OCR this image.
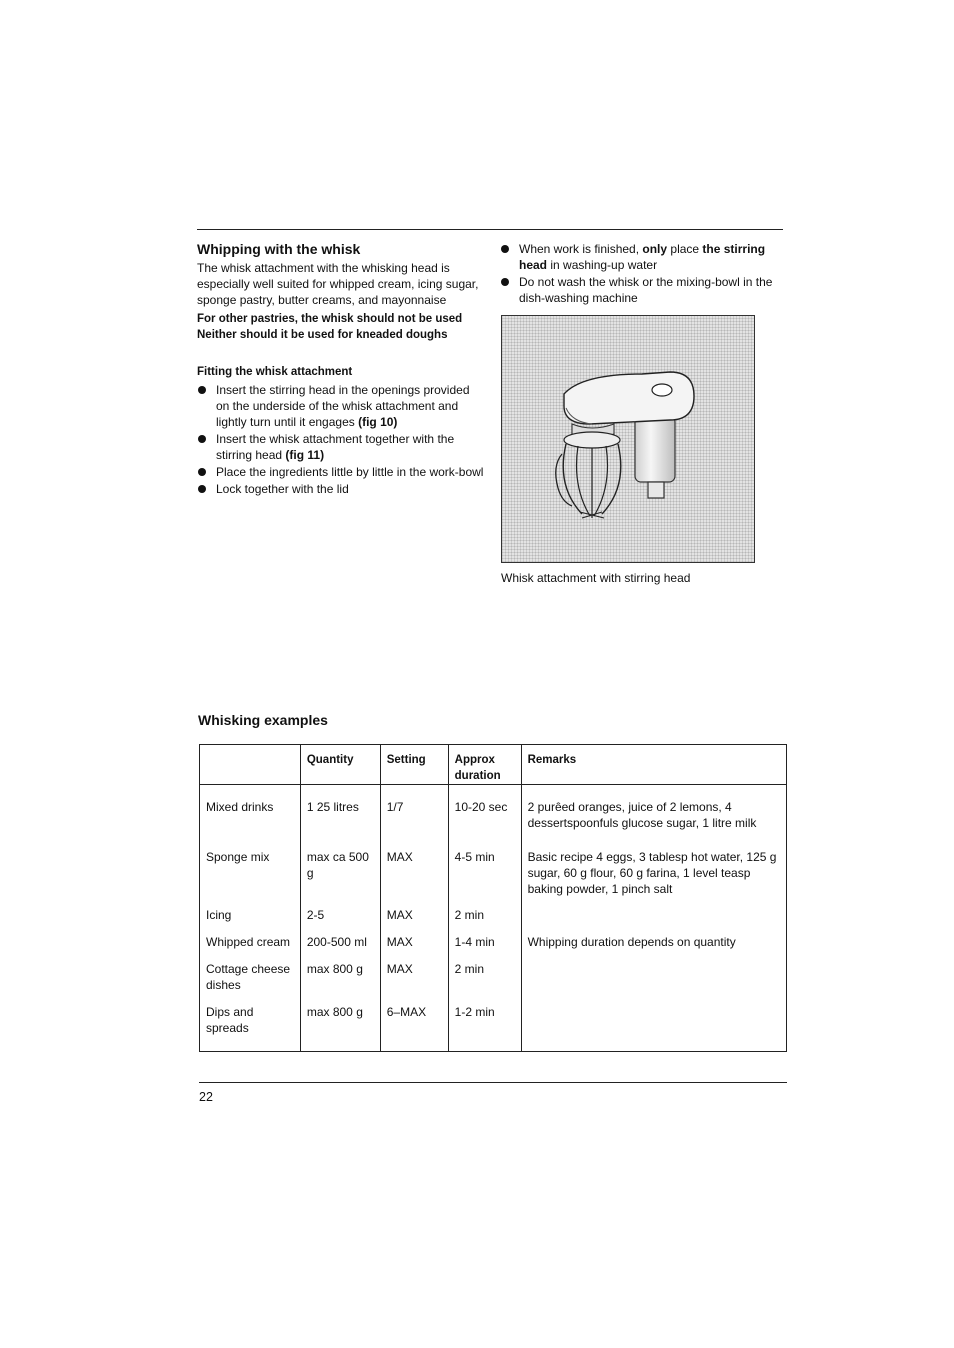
Whipping with the whisk

The whisk attachment with the whisking head is especially well suited for whipped cream, icing sugar, sponge pastry, butter creams, and mayonnaise

For other pastries, the whisk should not be used Neither should it be used for kneaded doughs

Fitting the whisk attachment

Insert the stirring head in the openings provided on the underside of the whisk attachment and lightly turn until it engages (fig 10)
Insert the whisk attachment together with the stirring head (fig 11)
Place the ingredients little by little in the work-bowl
Lock together with the lid
When work is finished, only place the stirring head in washing-up water
Do not wash the whisk or the mixing-bowl in the dish-washing machine

Whisk attachment with stirring head

Whisking examples
	Quantity	Setting	Approx duration	Remarks
Mixed drinks	1 25 litres	1/7	10-20 sec	2 purêed oranges, juice of 2 lemons, 4 dessertspoonfuls glucose sugar, 1 litre milk
Sponge mix	max ca 500 g	MAX	4-5 min	Basic recipe 4 eggs, 3 tablesp hot water, 125 g sugar, 60 g flour, 60 g farina, 1 level teasp baking powder, 1 pinch salt
Icing	2-5	MAX	2 min	
Whipped cream	200-500 ml	MAX	1-4 min	Whipping duration depends on quantity
Cottage cheese dishes	max 800 g	MAX	2 min	
Dips and spreads	max 800 g	6–MAX	1-2 min	

22
